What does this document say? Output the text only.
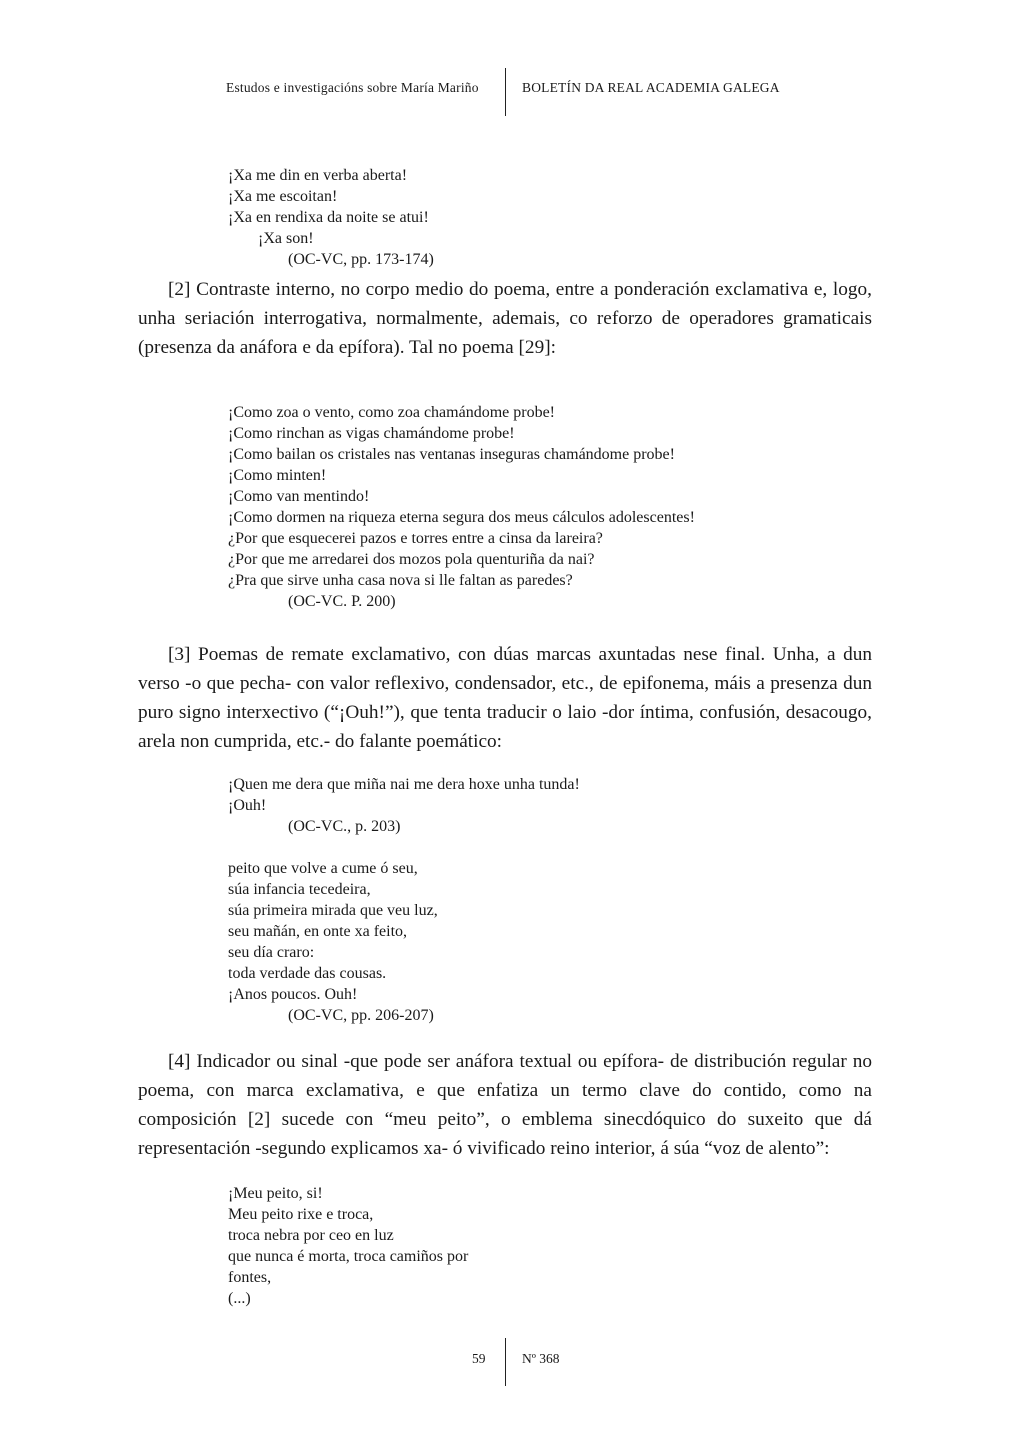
Estudos e investigacións sobre María Mariño	BOLETÍN DA REAL ACADEMIA GALEGA
¡Xa me din en verba aberta!
¡Xa me escoitan!
¡Xa en rendixa da noite se atui!
¡Xa son!
(OC-VC, pp. 173-174)

[2] Contraste interno, no corpo medio do poema, entre a ponderación exclamativa e, logo, unha seriación interrogativa, normalmente, ademais, co reforzo de operadores gramaticais (presenza da anáfora e da epífora). Tal no poema [29]:

¡Como zoa o vento, como zoa chamándome probe!
¡Como rinchan as vigas chamándome probe!
¡Como bailan os cristales nas ventanas inseguras chamándome probe!
¡Como minten!
¡Como van mentindo!
¡Como dormen na riqueza eterna segura dos meus cálculos adolescentes!
¿Por que esquecerei pazos e torres entre a cinsa da lareira?
¿Por que me arredarei dos mozos pola quenturiña da nai?
¿Pra que sirve unha casa nova si lle faltan as paredes?
(OC-VC. P. 200)

[3] Poemas de remate exclamativo, con dúas marcas axuntadas nese final. Unha, a dun verso -o que pecha- con valor reflexivo, condensador, etc., de epifonema, máis a presenza dun puro signo interxectivo (“¡Ouh!”), que tenta traducir o laio -dor íntima, confusión, desacougo, arela non cumprida, etc.- do falante poemático:

¡Quen me dera que miña nai me dera hoxe unha tunda!
¡Ouh!
(OC-VC., p. 203)
peito que volve a cume ó seu,
súa infancia tecedeira,
súa primeira mirada que veu luz,
seu mañán, en onte xa feito,
seu día craro:
toda verdade das cousas.
¡Anos poucos. Ouh!
(OC-VC, pp. 206-207)

[4] Indicador ou sinal -que pode ser anáfora textual ou epífora- de distribución regular no poema, con marca exclamativa, e que enfatiza un termo clave do contido, como na composición [2] sucede con “meu peito”, o emblema sinecdóquico do suxeito que dá representación -segundo explicamos xa- ó vivificado reino interior, á súa “voz de alento”:

¡Meu peito, si!
Meu peito rixe e troca,
troca nebra por ceo en luz
que nunca é morta, troca camiños por
fontes,
(...)
59	Nº 368
